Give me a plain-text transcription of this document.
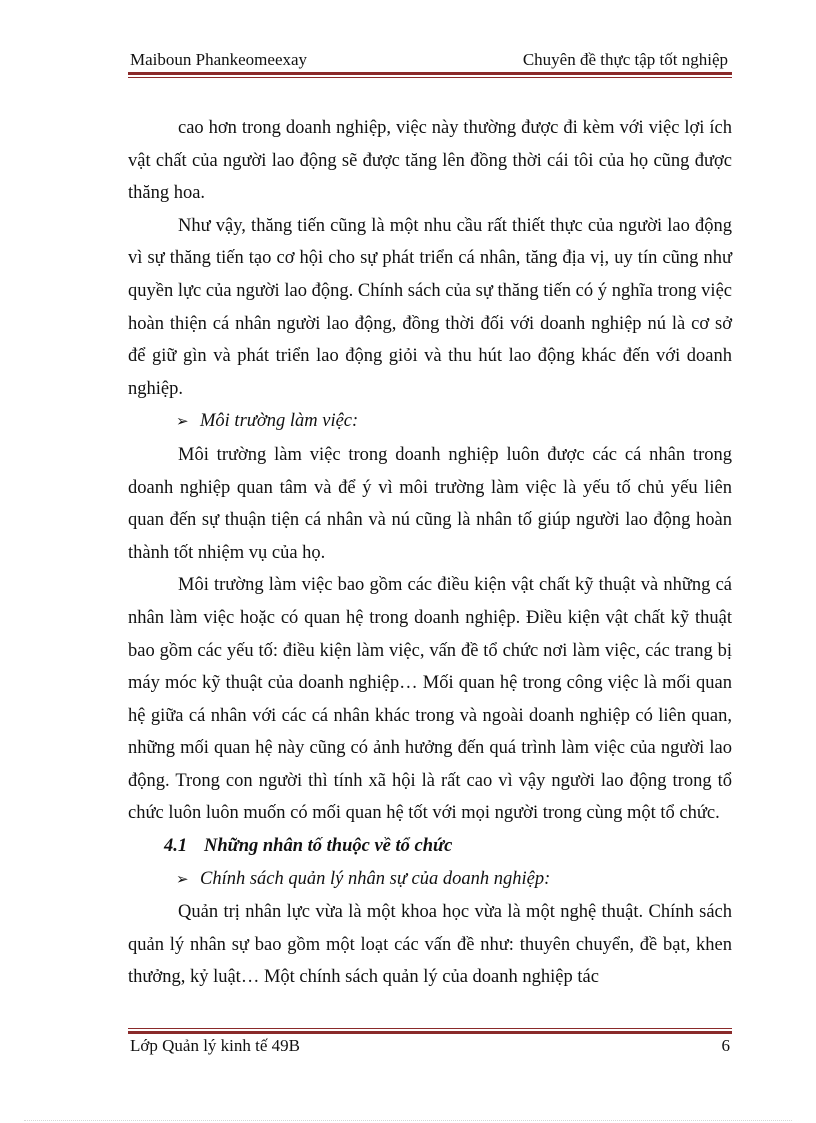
Maiboun Phankeomeexay	Chuyên đề thực tập tốt nghiệp

cao hơn trong doanh nghiệp, việc này thường được đi kèm với việc lợi ích vật chất của người lao động sẽ được tăng lên đồng thời cái tôi của họ cũng được thăng hoa.

Như vậy, thăng tiến cũng là một nhu cầu rất thiết thực của người lao động vì sự thăng tiến tạo cơ hội cho sự phát triển cá nhân, tăng địa vị, uy tín cũng như quyền lực của người lao động. Chính sách của sự thăng tiến có ý nghĩa trong việc hoàn thiện cá nhân người lao động, đồng thời đối với doanh nghiệp nú là cơ sở để giữ gìn và phát triển lao động giỏi và thu hút lao động khác đến với doanh nghiệp.

➢ Môi trường làm việc:

Môi trường làm việc trong doanh nghiệp luôn được các cá nhân trong doanh nghiệp quan tâm và để ý vì môi trường làm việc là yếu tố chủ yếu liên quan đến sự thuận tiện cá nhân và nú cũng là nhân tố giúp người lao động hoàn thành tốt nhiệm vụ của họ.

Môi trường làm việc bao gồm các điều kiện vật chất kỹ thuật và những cá nhân làm việc hoặc có quan hệ trong doanh nghiệp. Điều kiện vật chất kỹ thuật bao gồm các yếu tố: điều kiện làm việc, vấn đề tổ chức nơi làm việc, các trang bị máy móc kỹ thuật của doanh nghiệp… Mối quan hệ trong công việc là mối quan hệ giữa cá nhân với các cá nhân khác trong và ngoài doanh nghiệp có liên quan, những mối quan hệ này cũng có ảnh hưởng đến quá trình làm việc của người lao động. Trong con người thì tính xã hội là rất cao vì vậy người lao động trong tổ chức luôn luôn muốn có mối quan hệ tốt với mọi người trong cùng một tổ chức.

4.1 Những nhân tố thuộc về tổ chức

➢ Chính sách quản lý nhân sự của doanh nghiệp:

Quản trị nhân lực vừa là một khoa học vừa là một nghệ thuật. Chính sách quản lý nhân sự bao gồm một loạt các vấn đề như: thuyên chuyển, đề bạt, khen thưởng, kỷ luật… Một chính sách quản lý của doanh nghiệp tác

Lớp Quản lý kinh tế 49B	6
